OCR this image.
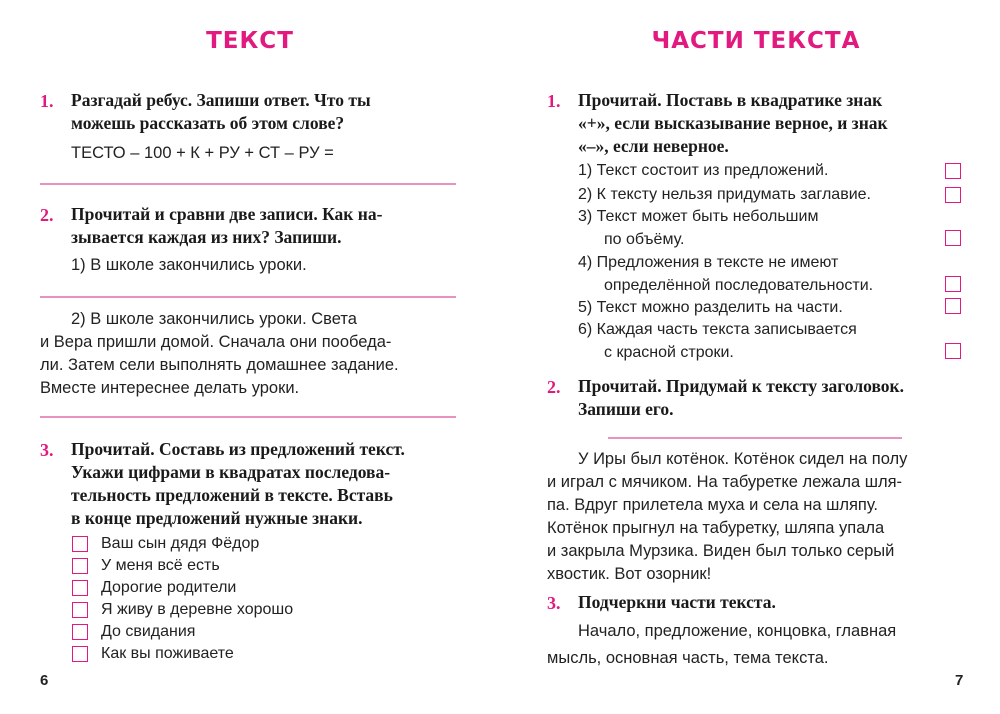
ТЕКСТ
1. Разгадай ребус. Запиши ответ. Что ты
можешь рассказать об этом слове?
ТЕСТО – 100 + К + РУ + СТ – РУ =
2. Прочитай и сравни две записи. Как на-
зывается каждая из них? Запиши.
1) В школе закончились уроки.
2) В школе закончились уроки. Света
и Вера пришли домой. Сначала они пообеда-
ли. Затем сели выполнять домашнее задание.
Вместе интереснее делать уроки.
3. Прочитай. Составь из предложений текст.
Укажи цифрами в квадратах последова-
тельность предложений в тексте. Вставь
в конце предложений нужные знаки.
Ваш сын дядя Фёдор
У меня всё есть
Дорогие родители
Я живу в деревне хорошо
До свидания
Как вы поживаете
6
ЧАСТИ ТЕКСТА
1. Прочитай. Поставь в квадратике знак
«+», если высказывание верное, и знак
«–», если неверное.
1) Текст состоит из предложений.
2) К тексту нельзя придумать заглавие.
3) Текст может быть небольшим
по объёму.
4) Предложения в тексте не имеют
определённой последовательности.
5) Текст можно разделить на части.
6) Каждая часть текста записывается
с красной строки.
2. Прочитай. Придумай к тексту заголовок.
Запиши его.
У Иры был котёнок. Котёнок сидел на полу
и играл с мячиком. На табуретке лежала шля-
па. Вдруг прилетела муха и села на шляпу.
Котёнок прыгнул на табуретку, шляпа упала
и закрыла Мурзика. Виден был только серый
хвостик. Вот озорник!
3. Подчеркни части текста.
Начало, предложение, концовка, главная
мысль, основная часть, тема текста.
7
